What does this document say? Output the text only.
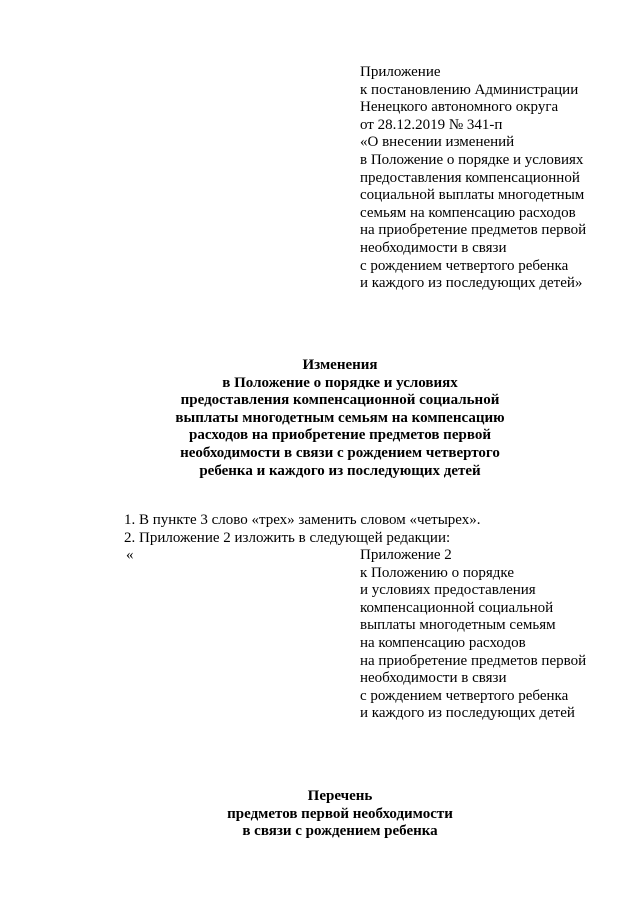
Приложение
к постановлению Администрации
Ненецкого автономного округа
от 28.12.2019 № 341-п
«О внесении изменений
в Положение о порядке и условиях
предоставления компенсационной
социальной выплаты многодетным
семьям на компенсацию расходов
на приобретение предметов первой
необходимости в связи
с рождением четвертого ребенка
и каждого из последующих детей»
Изменения
в Положение о порядке и условиях
предоставления компенсационной социальной
выплаты многодетным семьям на компенсацию
расходов на приобретение предметов первой
необходимости в связи с рождением четвертого
ребенка и каждого из последующих детей
1. В пункте 3 слово «трех» заменить словом «четырех».
2. Приложение 2 изложить в следующей редакции:
«	Приложение 2
к Положению о порядке
и условиях предоставления
компенсационной социальной
выплаты многодетным семьям
на компенсацию расходов
на приобретение предметов первой
необходимости в связи
с рождением четвертого ребенка
и каждого из последующих детей
Перечень
предметов первой необходимости
в связи с рождением ребенка
